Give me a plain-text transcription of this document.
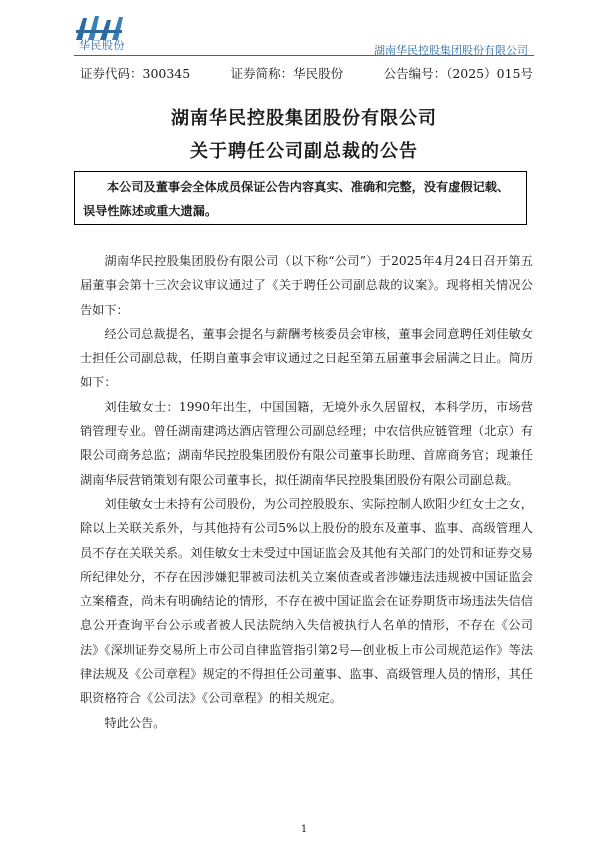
华民股份	湖南华民控股集团股份有限公司
证券代码：300345	证券简称：华民股份	公告编号：（2025）015号
湖南华民控股集团股份有限公司
关于聘任公司副总裁的公告
本公司及董事会全体成员保证公告内容真实、准确和完整，没有虚假记载、误导性陈述或重大遗漏。

湖南华民控股集团股份有限公司（以下称“公司”）于2025年4月24日召开第五届董事会第十三次会议审议通过了《关于聘任公司副总裁的议案》。现将相关情况公告如下：

经公司总裁提名，董事会提名与薪酬考核委员会审核，董事会同意聘任刘佳敏女士担任公司副总裁，任期自董事会审议通过之日起至第五届董事会届满之日止。简历如下：

刘佳敏女士：1990年出生，中国国籍，无境外永久居留权，本科学历，市场营销管理专业。曾任湖南建鸿达酒店管理公司副总经理；中农信供应链管理（北京）有限公司商务总监；湖南华民控股集团股份有限公司董事长助理、首席商务官；现兼任湖南华辰营销策划有限公司董事长，拟任湖南华民控股集团股份有限公司副总裁。

刘佳敏女士未持有公司股份，为公司控股股东、实际控制人欧阳少红女士之女，除以上关联关系外，与其他持有公司5%以上股份的股东及董事、监事、高级管理人员不存在关联关系。刘佳敏女士未受过中国证监会及其他有关部门的处罚和证券交易所纪律处分，不存在因涉嫌犯罪被司法机关立案侦查或者涉嫌违法违规被中国证监会立案稽查，尚未有明确结论的情形，不存在被中国证监会在证券期货市场违法失信信息公开查询平台公示或者被人民法院纳入失信被执行人名单的情形，不存在《公司法》《深圳证券交易所上市公司自律监管指引第2号—创业板上市公司规范运作》等法律法规及《公司章程》规定的不得担任公司董事、监事、高级管理人员的情形，其任职资格符合《公司法》《公司章程》的相关规定。

特此公告。

1
